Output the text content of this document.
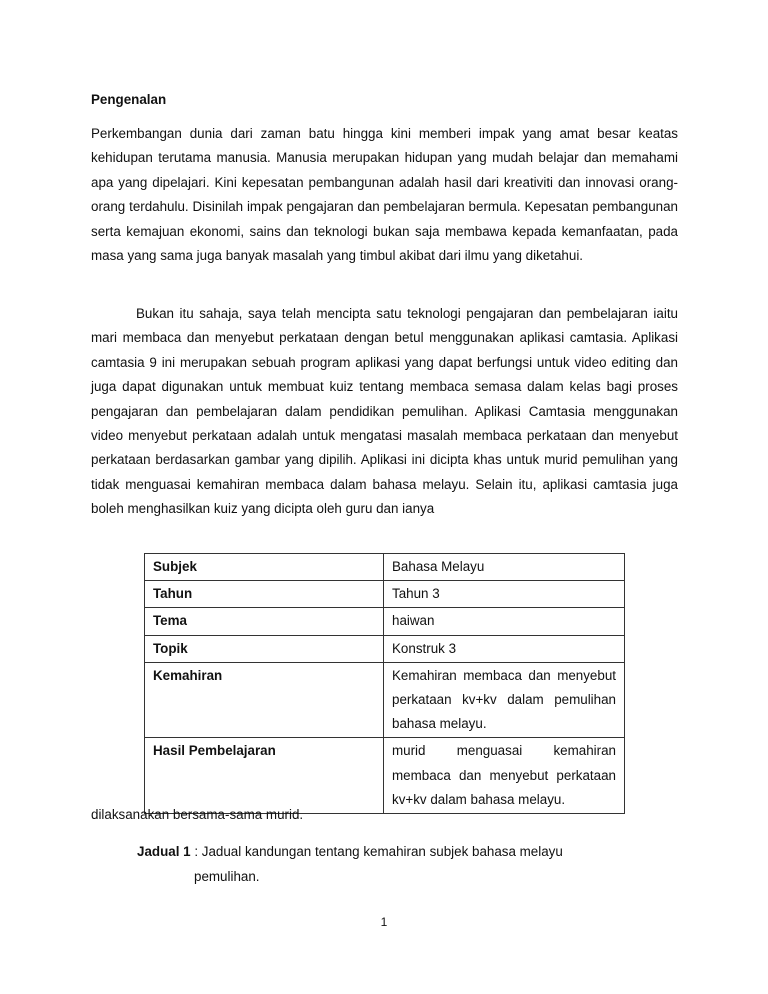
Pengenalan

Perkembangan dunia dari zaman batu hingga kini memberi impak yang amat besar keatas kehidupan terutama manusia. Manusia merupakan hidupan yang mudah belajar dan memahami apa yang dipelajari. Kini kepesatan pembangunan adalah hasil dari kreativiti dan innovasi orang-orang terdahulu. Disinilah impak pengajaran dan pembelajaran bermula. Kepesatan pembangunan serta kemajuan ekonomi, sains dan teknologi bukan saja membawa kepada kemanfaatan, pada masa yang sama juga banyak masalah yang timbul akibat dari ilmu yang diketahui.

Bukan itu sahaja, saya telah mencipta satu teknologi pengajaran dan pembelajaran iaitu mari membaca dan menyebut perkataan dengan betul menggunakan aplikasi camtasia. Aplikasi camtasia 9 ini merupakan sebuah program aplikasi yang dapat berfungsi untuk video editing dan juga dapat digunakan untuk membuat kuiz tentang membaca semasa dalam kelas bagi proses pengajaran dan pembelajaran dalam pendidikan pemulihan. Aplikasi Camtasia menggunakan video menyebut perkataan adalah untuk mengatasi masalah membaca perkataan dan menyebut perkataan berdasarkan gambar yang dipilih. Aplikasi ini dicipta khas untuk murid pemulihan yang tidak menguasai kemahiran membaca dalam bahasa melayu. Selain itu, aplikasi camtasia juga boleh menghasilkan kuiz yang dicipta oleh guru dan ianya

Subjek	Bahasa Melayu
Tahun	Tahun 3
Tema	haiwan
Topik	Konstruk 3
Kemahiran	Kemahiran membaca dan menyebut perkataan kv+kv dalam pemulihan bahasa melayu.
Hasil Pembelajaran	murid menguasai kemahiran membaca dan menyebut perkataan kv+kv dalam bahasa melayu.
dilaksanakan bersama-sama murid.
Jadual 1 : Jadual kandungan tentang kemahiran subjek bahasa melayu
pemulihan.
1
